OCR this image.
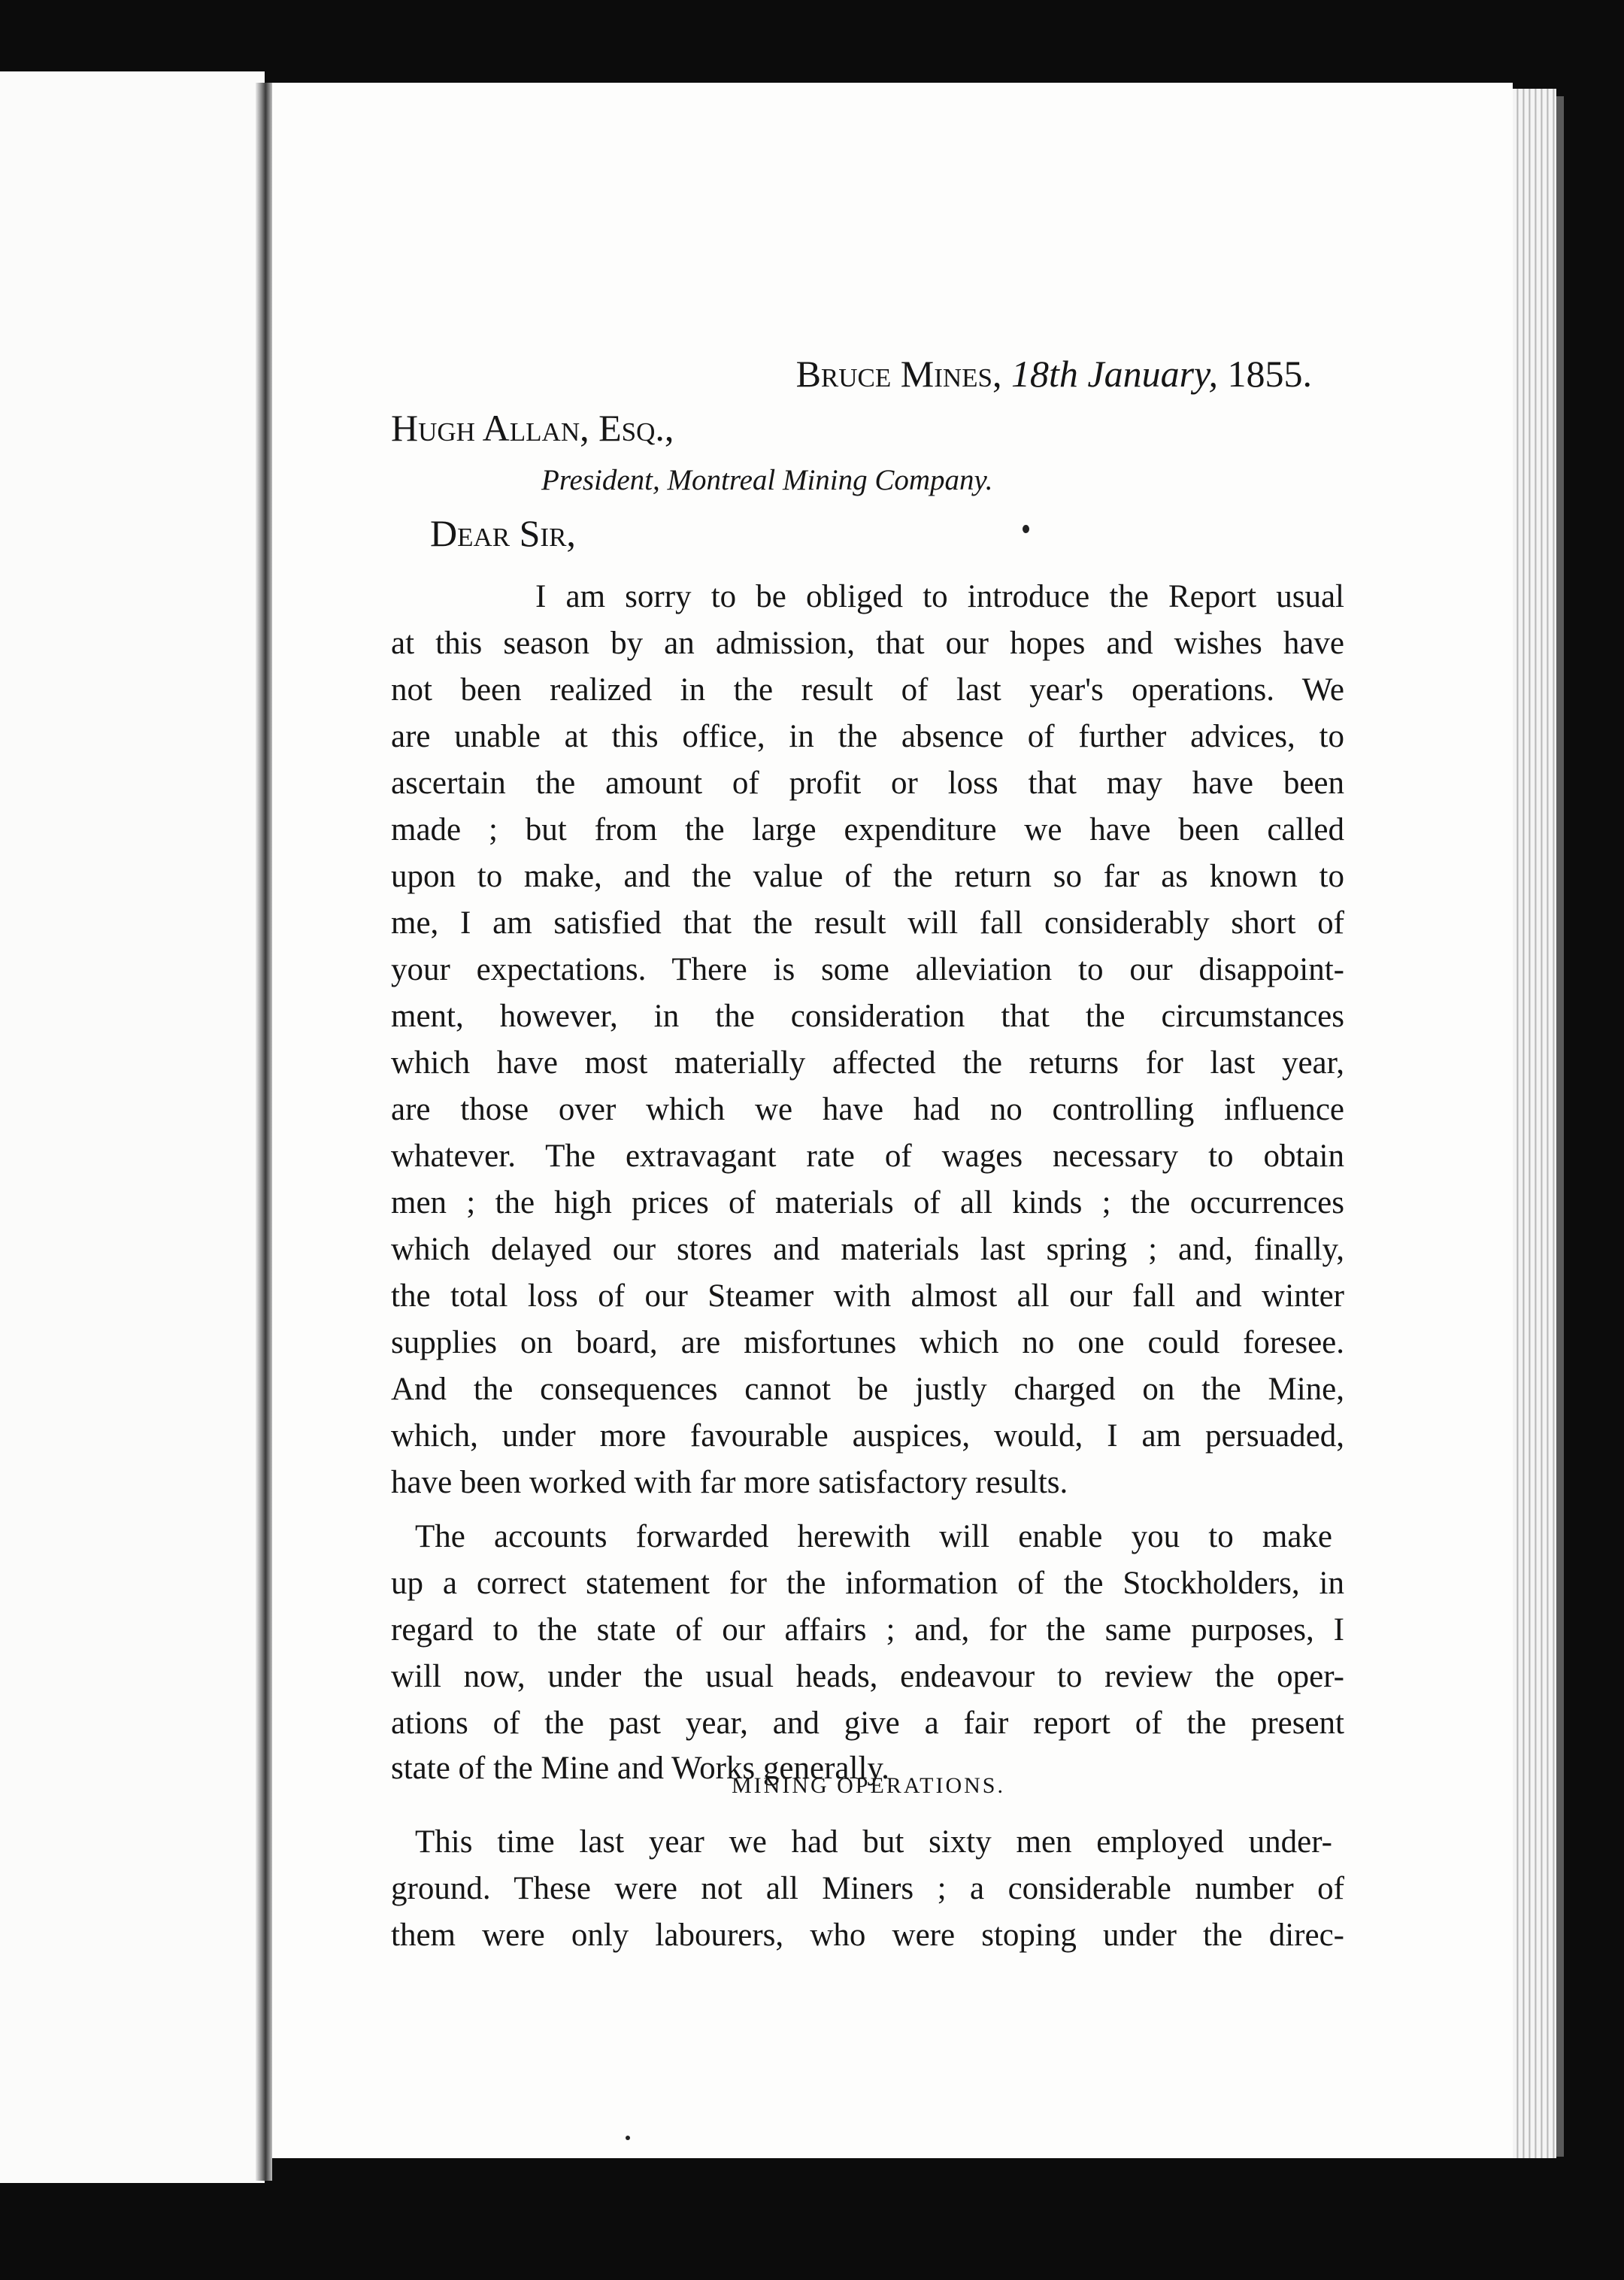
Bruce Mines, 18th January, 1855.
Hugh Allan, Esq.,
President, Montreal Mining Company.
Dear Sir,
I am sorry to be obliged to introduce the Report usual
at this season by an admission, that our hopes and wishes have
not been realized in the result of last year's operations. We
are unable at this office, in the absence of further advices, to
ascertain the amount of profit or loss that may have been
made ; but from the large expenditure we have been called
upon to make, and the value of the return so far as known to
me, I am satisfied that the result will fall considerably short of
your expectations. There is some alleviation to our disappoint-
ment, however, in the consideration that the circumstances
which have most materially affected the returns for last year,
are those over which we have had no controlling influence
whatever. The extravagant rate of wages necessary to obtain
men ; the high prices of materials of all kinds ; the occurrences
which delayed our stores and materials last spring ; and, finally,
the total loss of our Steamer with almost all our fall and winter
supplies on board, are misfortunes which no one could foresee.
And the consequences cannot be justly charged on the Mine,
which, under more favourable auspices, would, I am persuaded,
have been worked with far more satisfactory results.
The accounts forwarded herewith will enable you to make
up a correct statement for the information of the Stockholders, in
regard to the state of our affairs ; and, for the same purposes, I
will now, under the usual heads, endeavour to review the oper-
ations of the past year, and give a fair report of the present
state of the Mine and Works generally.
MINING OPERATIONS.
This time last year we had but sixty men employed under-
ground. These were not all Miners ; a considerable number of
them were only labourers, who were stoping under the direc-
